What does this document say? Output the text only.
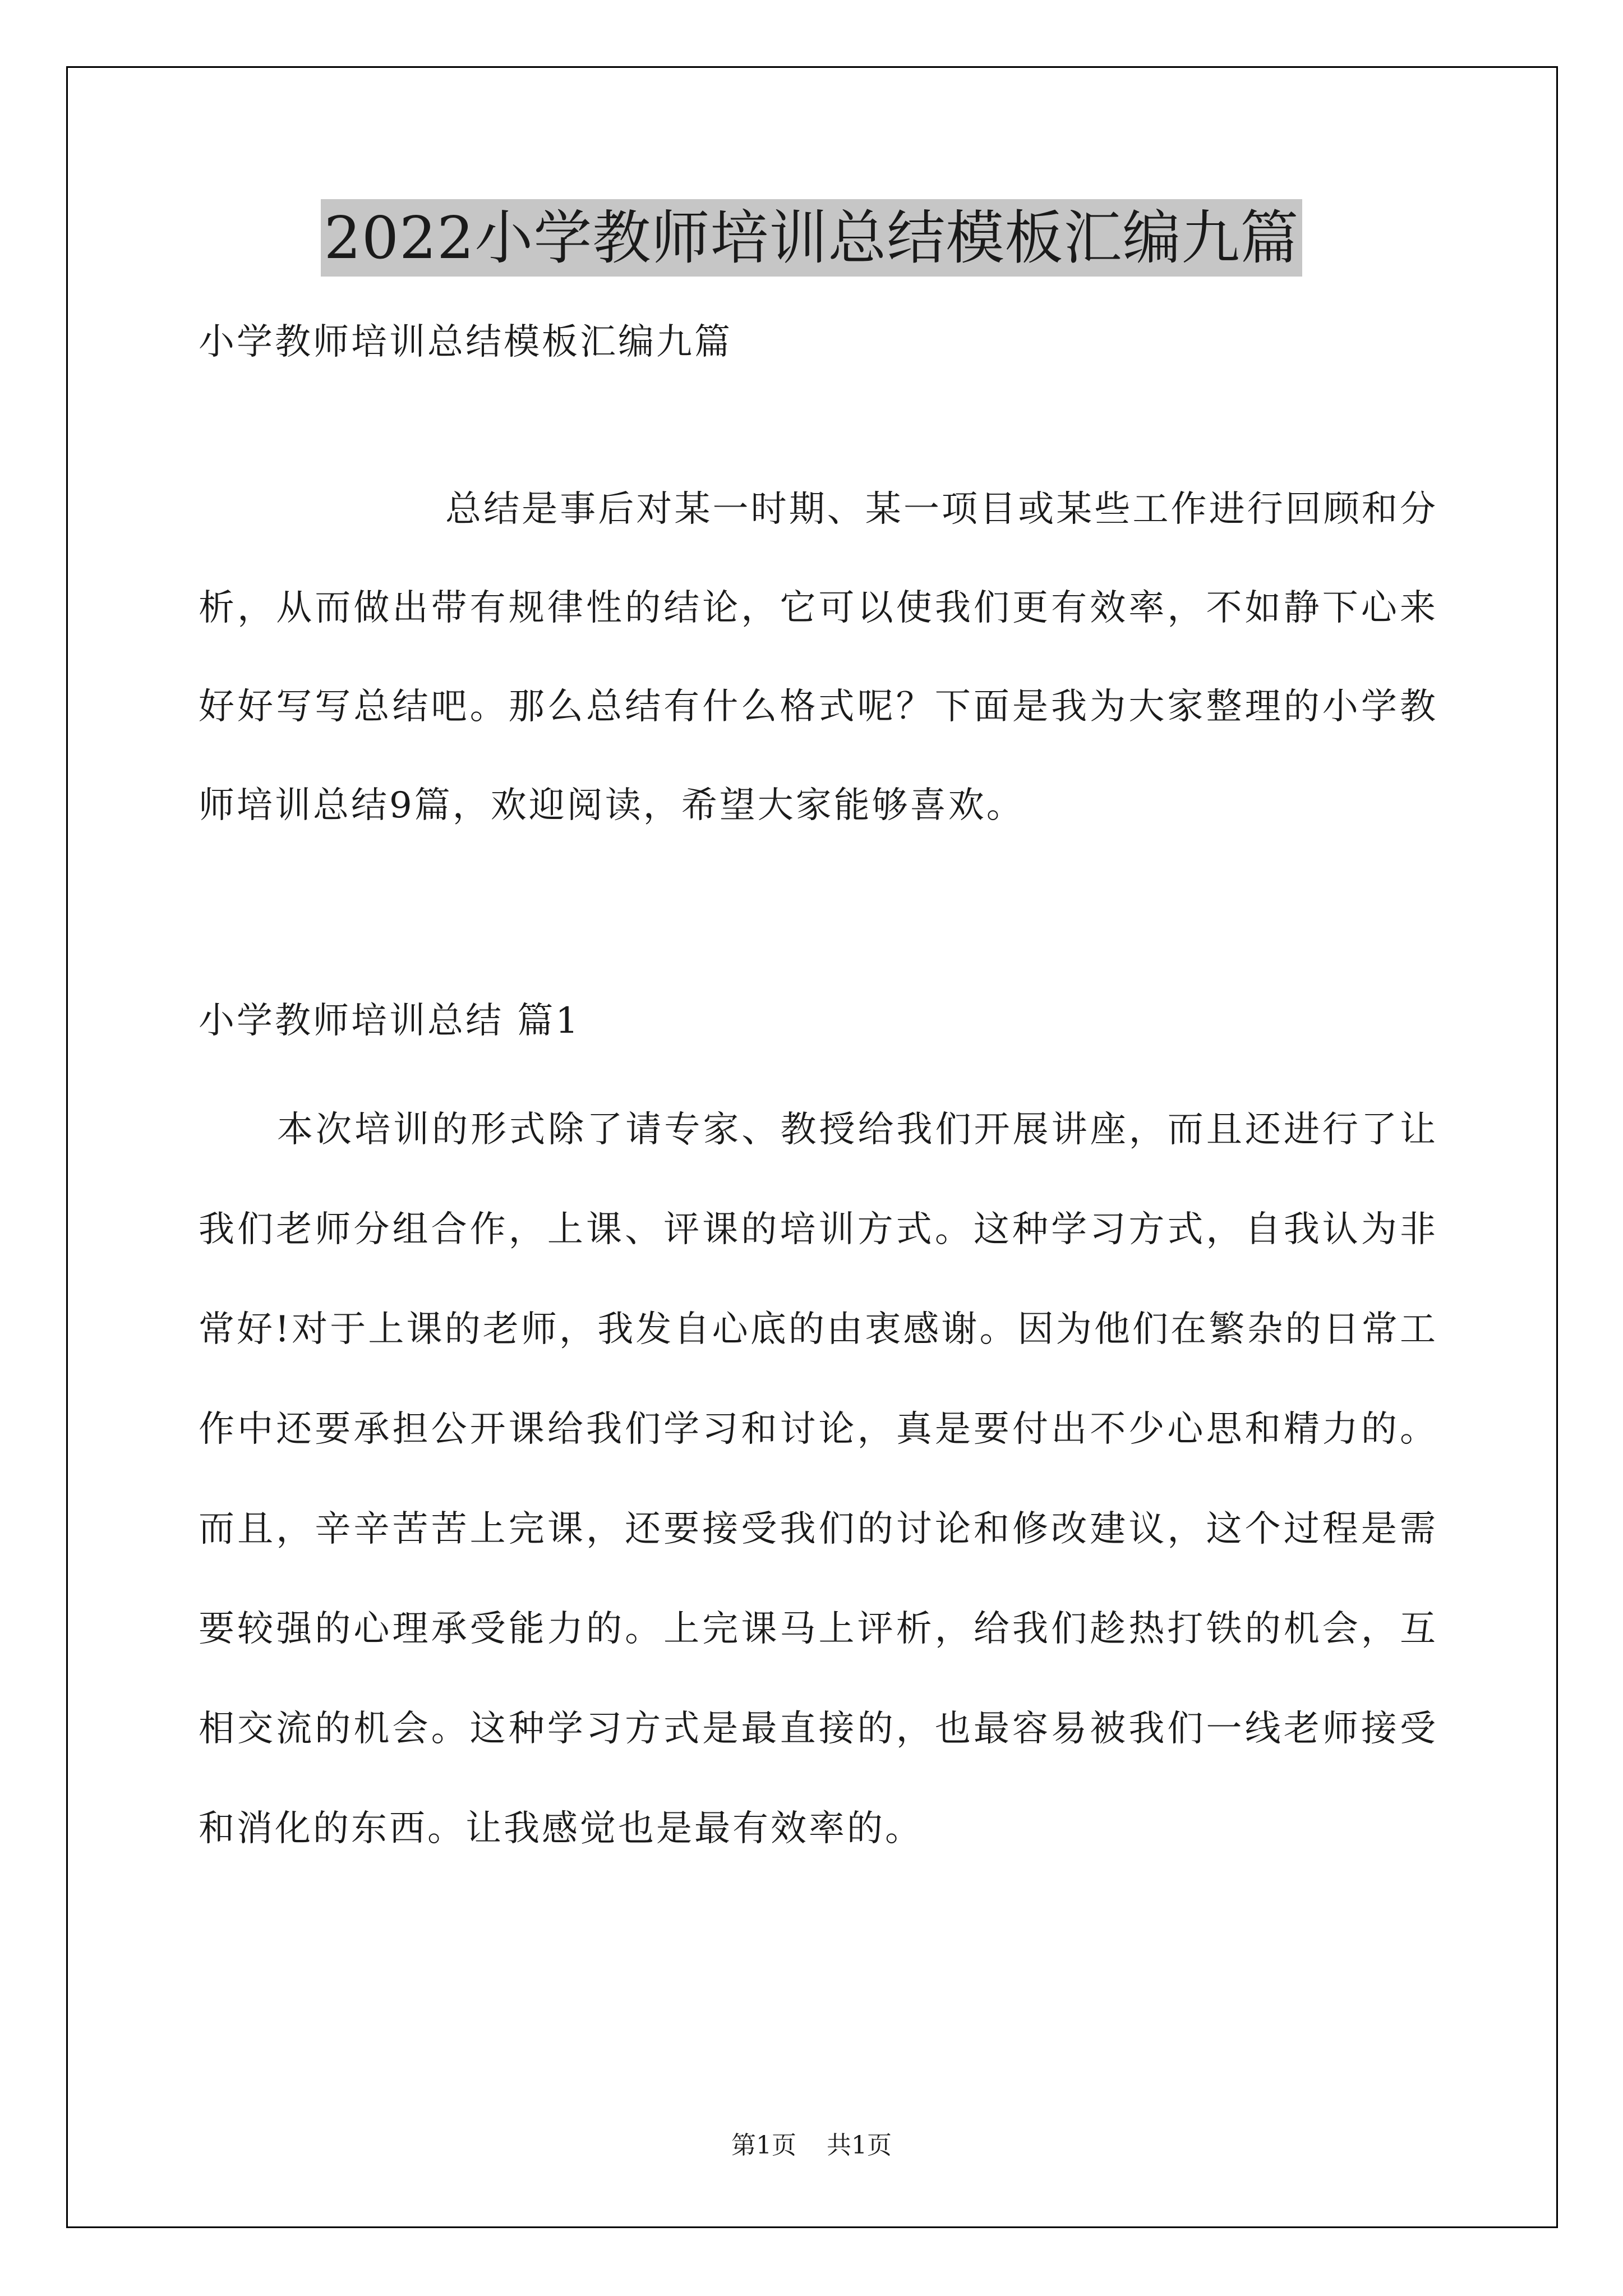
2022小学教师培训总结模板汇编九篇
小学教师培训总结模板汇编九篇
总结是事后对某一时期、某一项目或某些工作进行回顾和分析，从而做出带有规律性的结论，它可以使我们更有效率，不如静下心来好好写写总结吧。那么总结有什么格式呢？下面是我为大家整理的小学教师培训总结9篇，欢迎阅读，希望大家能够喜欢。
小学教师培训总结 篇1
本次培训的形式除了请专家、教授给我们开展讲座，而且还进行了让我们老师分组合作，上课、评课的培训方式。这种学习方式，自我认为非常好!对于上课的老师，我发自心底的由衷感谢。因为他们在繁杂的日常工作中还要承担公开课给我们学习和讨论，真是要付出不少心思和精力的。而且，辛辛苦苦上完课，还要接受我们的讨论和修改建议，这个过程是需要较强的心理承受能力的。上完课马上评析，给我们趁热打铁的机会，互相交流的机会。这种学习方式是最直接的，也最容易被我们一线老师接受和消化的东西。让我感觉也是最有效率的。
第1页 共1页
